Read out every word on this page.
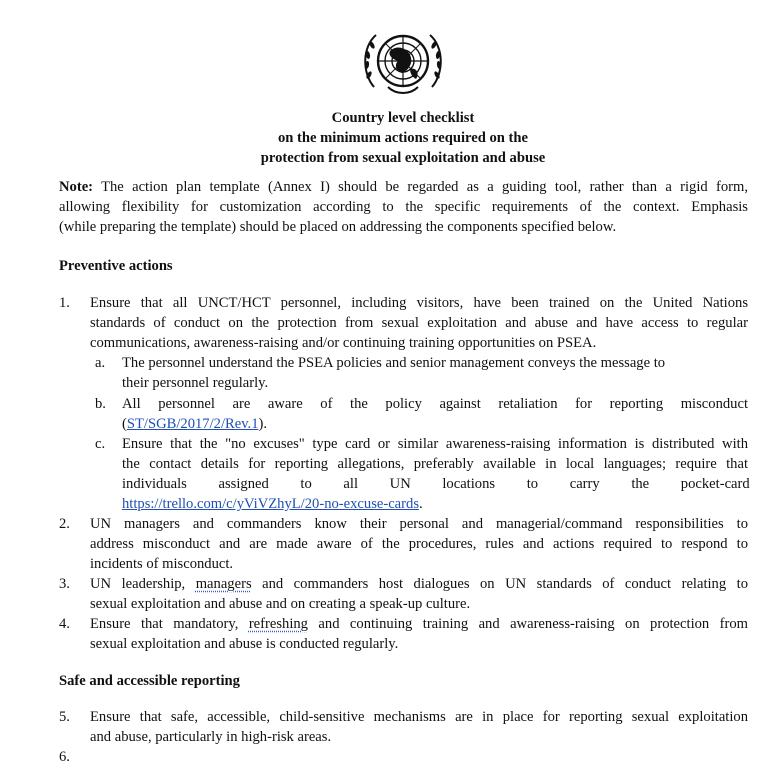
Country level checklist
on the minimum actions required on the
protection from sexual exploitation and abuse
Note: The action plan template (Annex I) should be regarded as a guiding tool, rather than a rigid form,
allowing flexibility for customization according to the specific requirements of the context. Emphasis
(while preparing the template) should be placed on addressing the components specified below.
Preventive actions
1. Ensure that all UNCT/HCT personnel, including visitors, have been trained on the United Nations
standards of conduct on the protection from sexual exploitation and abuse and have access to regular
communications, awareness-raising and/or continuing training opportunities on PSEA.
a. The personnel understand the PSEA policies and senior management conveys the message to
their personnel regularly.
b. All personnel are aware of the policy against retaliation for reporting misconduct
(ST/SGB/2017/2/Rev.1).
c. Ensure that the "no excuses" type card or similar awareness-raising information is distributed with
the contact details for reporting allegations, preferably available in local languages; require that
individuals assigned to all UN locations to carry the pocket-card
https://trello.com/c/yViVZhyL/20-no-excuse-cards.
2. UN managers and commanders know their personal and managerial/command responsibilities to
address misconduct and are made aware of the procedures, rules and actions required to respond to
incidents of misconduct.
3. UN leadership, managers and commanders host dialogues on UN standards of conduct relating to
sexual exploitation and abuse and on creating a speak-up culture.
4. Ensure that mandatory, refreshing and continuing training and awareness-raising on protection from
sexual exploitation and abuse is conducted regularly.
Safe and accessible reporting
5. Ensure that safe, accessible, child-sensitive mechanisms are in place for reporting sexual exploitation
and abuse, particularly in high-risk areas.
6.
